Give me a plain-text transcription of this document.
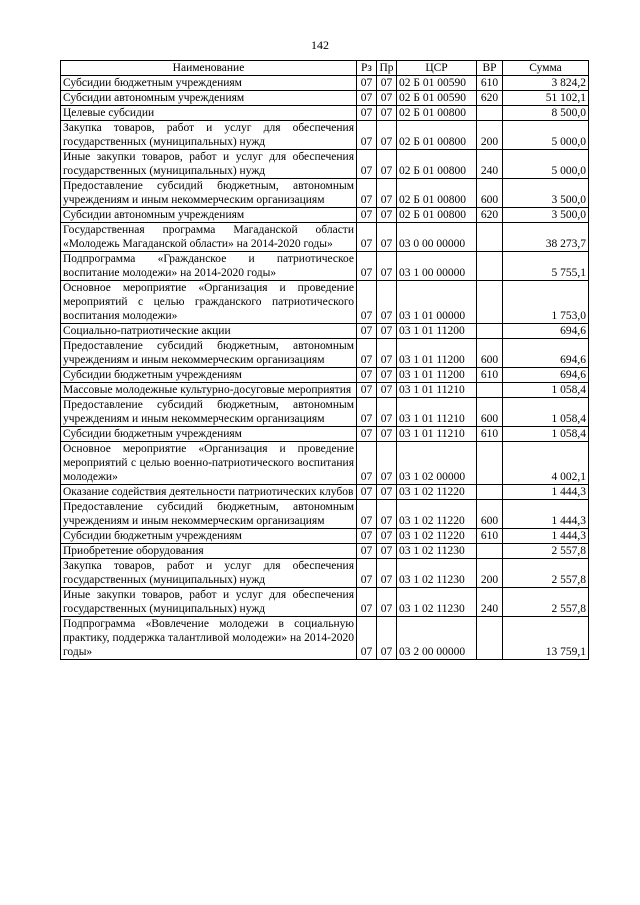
142
Наименование	Рз	Пр	ЦСР	ВР	Сумма
Субсидии бюджетным учреждениям	07	07	02 Б 01 00590	610	3 824,2
Субсидии автономным учреждениям	07	07	02 Б 01 00590	620	51 102,1
Целевые субсидии	07	07	02 Б 01 00800		8 500,0
Закупка товаров, работ и услуг для обеспечения государственных (муниципальных) нужд	07	07	02 Б 01 00800	200	5 000,0
Иные закупки товаров, работ и услуг для обеспечения государственных (муниципальных) нужд	07	07	02 Б 01 00800	240	5 000,0
Предоставление субсидий бюджетным, автономным учреждениям и иным некоммерческим организациям	07	07	02 Б 01 00800	600	3 500,0
Субсидии автономным учреждениям	07	07	02 Б 01 00800	620	3 500,0
Государственная программа Магаданской области «Молодежь Магаданской области» на 2014-2020 годы»	07	07	03 0 00 00000		38 273,7
Подпрограмма «Гражданское и патриотическое воспитание молодежи» на 2014-2020 годы»	07	07	03 1 00 00000		5 755,1
Основное мероприятие «Организация и проведение мероприятий с целью гражданского патриотического воспитания молодежи»	07	07	03 1 01 00000		1 753,0
Социально-патриотические акции	07	07	03 1 01 11200		694,6
Предоставление субсидий бюджетным, автономным учреждениям и иным некоммерческим организациям	07	07	03 1 01 11200	600	694,6
Субсидии бюджетным учреждениям	07	07	03 1 01 11200	610	694,6
Массовые молодежные культурно-досуговые мероприятия	07	07	03 1 01 11210		1 058,4
Предоставление субсидий бюджетным, автономным учреждениям и иным некоммерческим организациям	07	07	03 1 01 11210	600	1 058,4
Субсидии бюджетным учреждениям	07	07	03 1 01 11210	610	1 058,4
Основное мероприятие «Организация и проведение мероприятий с целью военно-патриотического воспитания молодежи»	07	07	03 1 02 00000		4 002,1
Оказание содействия деятельности патриотических клубов	07	07	03 1 02 11220		1 444,3
Предоставление субсидий бюджетным, автономным учреждениям и иным некоммерческим организациям	07	07	03 1 02 11220	600	1 444,3
Субсидии бюджетным учреждениям	07	07	03 1 02 11220	610	1 444,3
Приобретение оборудования	07	07	03 1 02 11230		2 557,8
Закупка товаров, работ и услуг для обеспечения государственных (муниципальных) нужд	07	07	03 1 02 11230	200	2 557,8
Иные закупки товаров, работ и услуг для обеспечения государственных (муниципальных) нужд	07	07	03 1 02 11230	240	2 557,8
Подпрограмма «Вовлечение молодежи в социальную практику, поддержка талантливой молодежи» на 2014-2020 годы»	07	07	03 2 00 00000		13 759,1
